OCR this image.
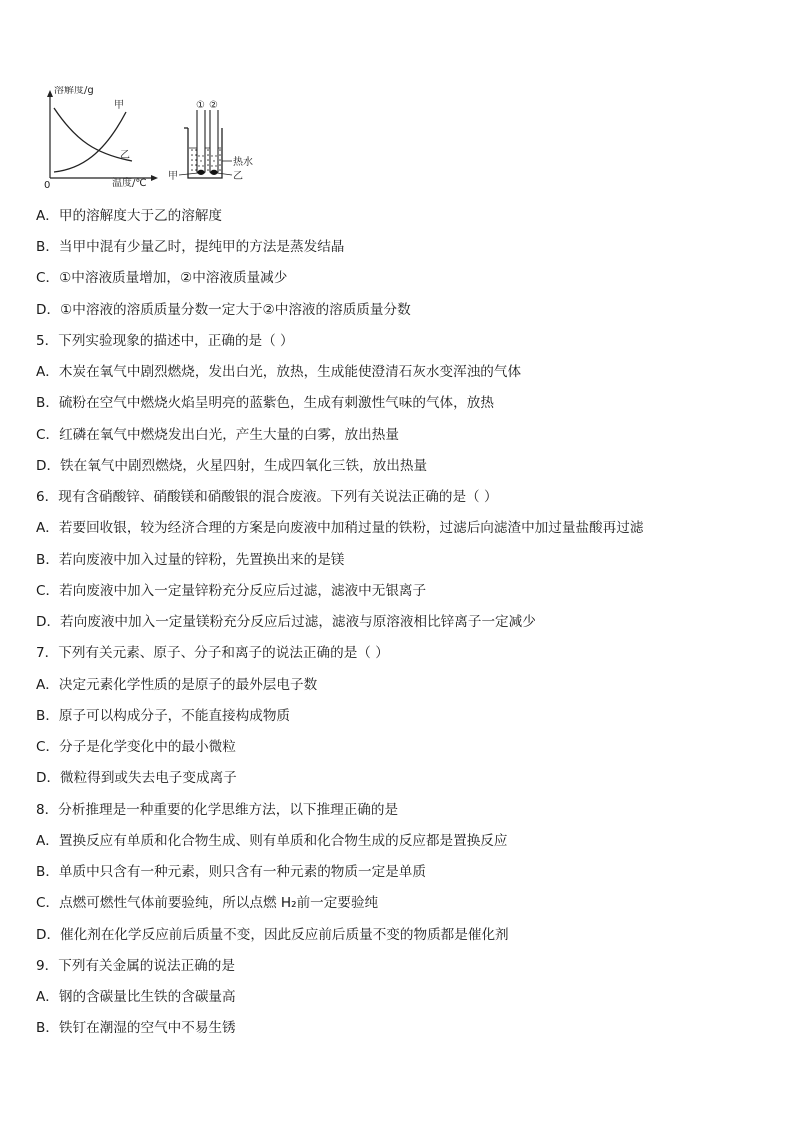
溶解度/g
温度/℃
0
甲
乙
① ②
热水
甲	乙
A．甲的溶解度大于乙的溶解度
B．当甲中混有少量乙时，提纯甲的方法是蒸发结晶
C．①中溶液质量增加，②中溶液质量减少
D．①中溶液的溶质质量分数一定大于②中溶液的溶质质量分数
5．下列实验现象的描述中，正确的是（ ）
A．木炭在氧气中剧烈燃烧，发出白光，放热，生成能使澄清石灰水变浑浊的气体
B．硫粉在空气中燃烧火焰呈明亮的蓝紫色，生成有刺激性气味的气体，放热
C．红磷在氧气中燃烧发出白光，产生大量的白雾，放出热量
D．铁在氧气中剧烈燃烧，火星四射，生成四氧化三铁，放出热量
6．现有含硝酸锌、硝酸镁和硝酸银的混合废液。下列有关说法正确的是（ ）
A．若要回收银，较为经济合理的方案是向废液中加稍过量的铁粉，过滤后向滤渣中加过量盐酸再过滤
B．若向废液中加入过量的锌粉，先置换出来的是镁
C．若向废液中加入一定量锌粉充分反应后过滤，滤液中无银离子
D．若向废液中加入一定量镁粉充分反应后过滤，滤液与原溶液相比锌离子一定减少
7．下列有关元素、原子、分子和离子的说法正确的是（ ）
A．决定元素化学性质的是原子的最外层电子数
B．原子可以构成分子，不能直接构成物质
C．分子是化学变化中的最小微粒
D．微粒得到或失去电子变成离子
8．分析推理是一种重要的化学思维方法，以下推理正确的是
A．置换反应有单质和化合物生成、则有单质和化合物生成的反应都是置换反应
B．单质中只含有一种元素，则只含有一种元素的物质一定是单质
C．点燃可燃性气体前要验纯，所以点燃 H₂前一定要验纯
D．催化剂在化学反应前后质量不变，因此反应前后质量不变的物质都是催化剂
9．下列有关金属的说法正确的是
A．钢的含碳量比生铁的含碳量高
B．铁钉在潮湿的空气中不易生锈
